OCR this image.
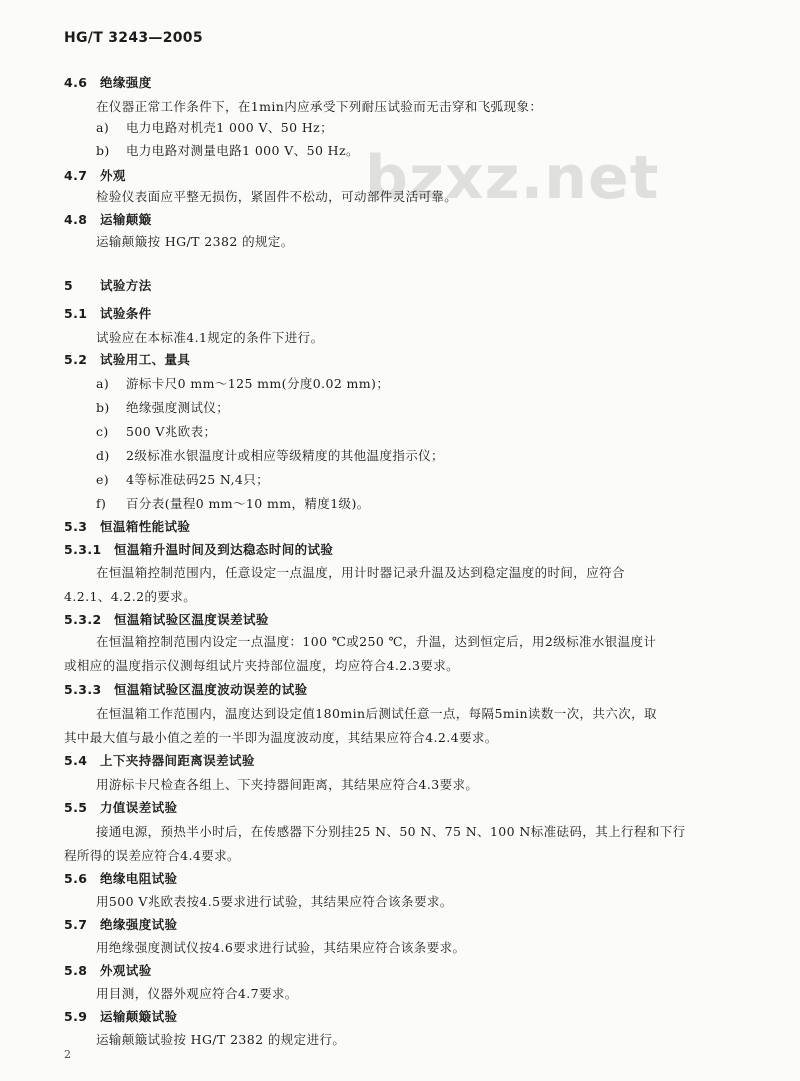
HG/T 3243—2005
bzxz.net
4.6 绝缘强度
在仪器正常工作条件下，在1min内应承受下列耐压试验而无击穿和飞弧现象：
a) 电力电路对机壳1 000 V、50 Hz；
b) 电力电路对测量电路1 000 V、50 Hz。
4.7 外观
检验仪表面应平整无损伤，紧固件不松动，可动部件灵活可靠。
4.8 运输颠簸
运输颠簸按 HG/T 2382 的规定。
5 试验方法
5.1 试验条件
试验应在本标准4.1规定的条件下进行。
5.2 试验用工、量具
a) 游标卡尺0 mm～125 mm(分度0.02 mm)；
b) 绝缘强度测试仪；
c) 500 V兆欧表；
d) 2级标准水银温度计或相应等级精度的其他温度指示仪；
e) 4等标准砝码25 N,4只；
f) 百分表(量程0 mm～10 mm，精度1级)。
5.3 恒温箱性能试验
5.3.1 恒温箱升温时间及到达稳态时间的试验
在恒温箱控制范围内，任意设定一点温度，用计时器记录升温及达到稳定温度的时间，应符合
4.2.1、4.2.2的要求。
5.3.2 恒温箱试验区温度误差试验
在恒温箱控制范围内设定一点温度：100 ℃或250 ℃，升温，达到恒定后，用2级标准水银温度计
或相应的温度指示仪测每组试片夹持部位温度，均应符合4.2.3要求。
5.3.3 恒温箱试验区温度波动误差的试验
在恒温箱工作范围内，温度达到设定值180min后测试任意一点，每隔5min读数一次，共六次，取
其中最大值与最小值之差的一半即为温度波动度，其结果应符合4.2.4要求。
5.4 上下夹持器间距离误差试验
用游标卡尺检查各组上、下夹持器间距离，其结果应符合4.3要求。
5.5 力值误差试验
接通电源，预热半小时后，在传感器下分别挂25 N、50 N、75 N、100 N标准砝码，其上行程和下行
程所得的误差应符合4.4要求。
5.6 绝缘电阻试验
用500 V兆欧表按4.5要求进行试验，其结果应符合该条要求。
5.7 绝缘强度试验
用绝缘强度测试仪按4.6要求进行试验，其结果应符合该条要求。
5.8 外观试验
用目测，仪器外观应符合4.7要求。
5.9 运输颠簸试验
运输颠簸试验按 HG/T 2382 的规定进行。
2
